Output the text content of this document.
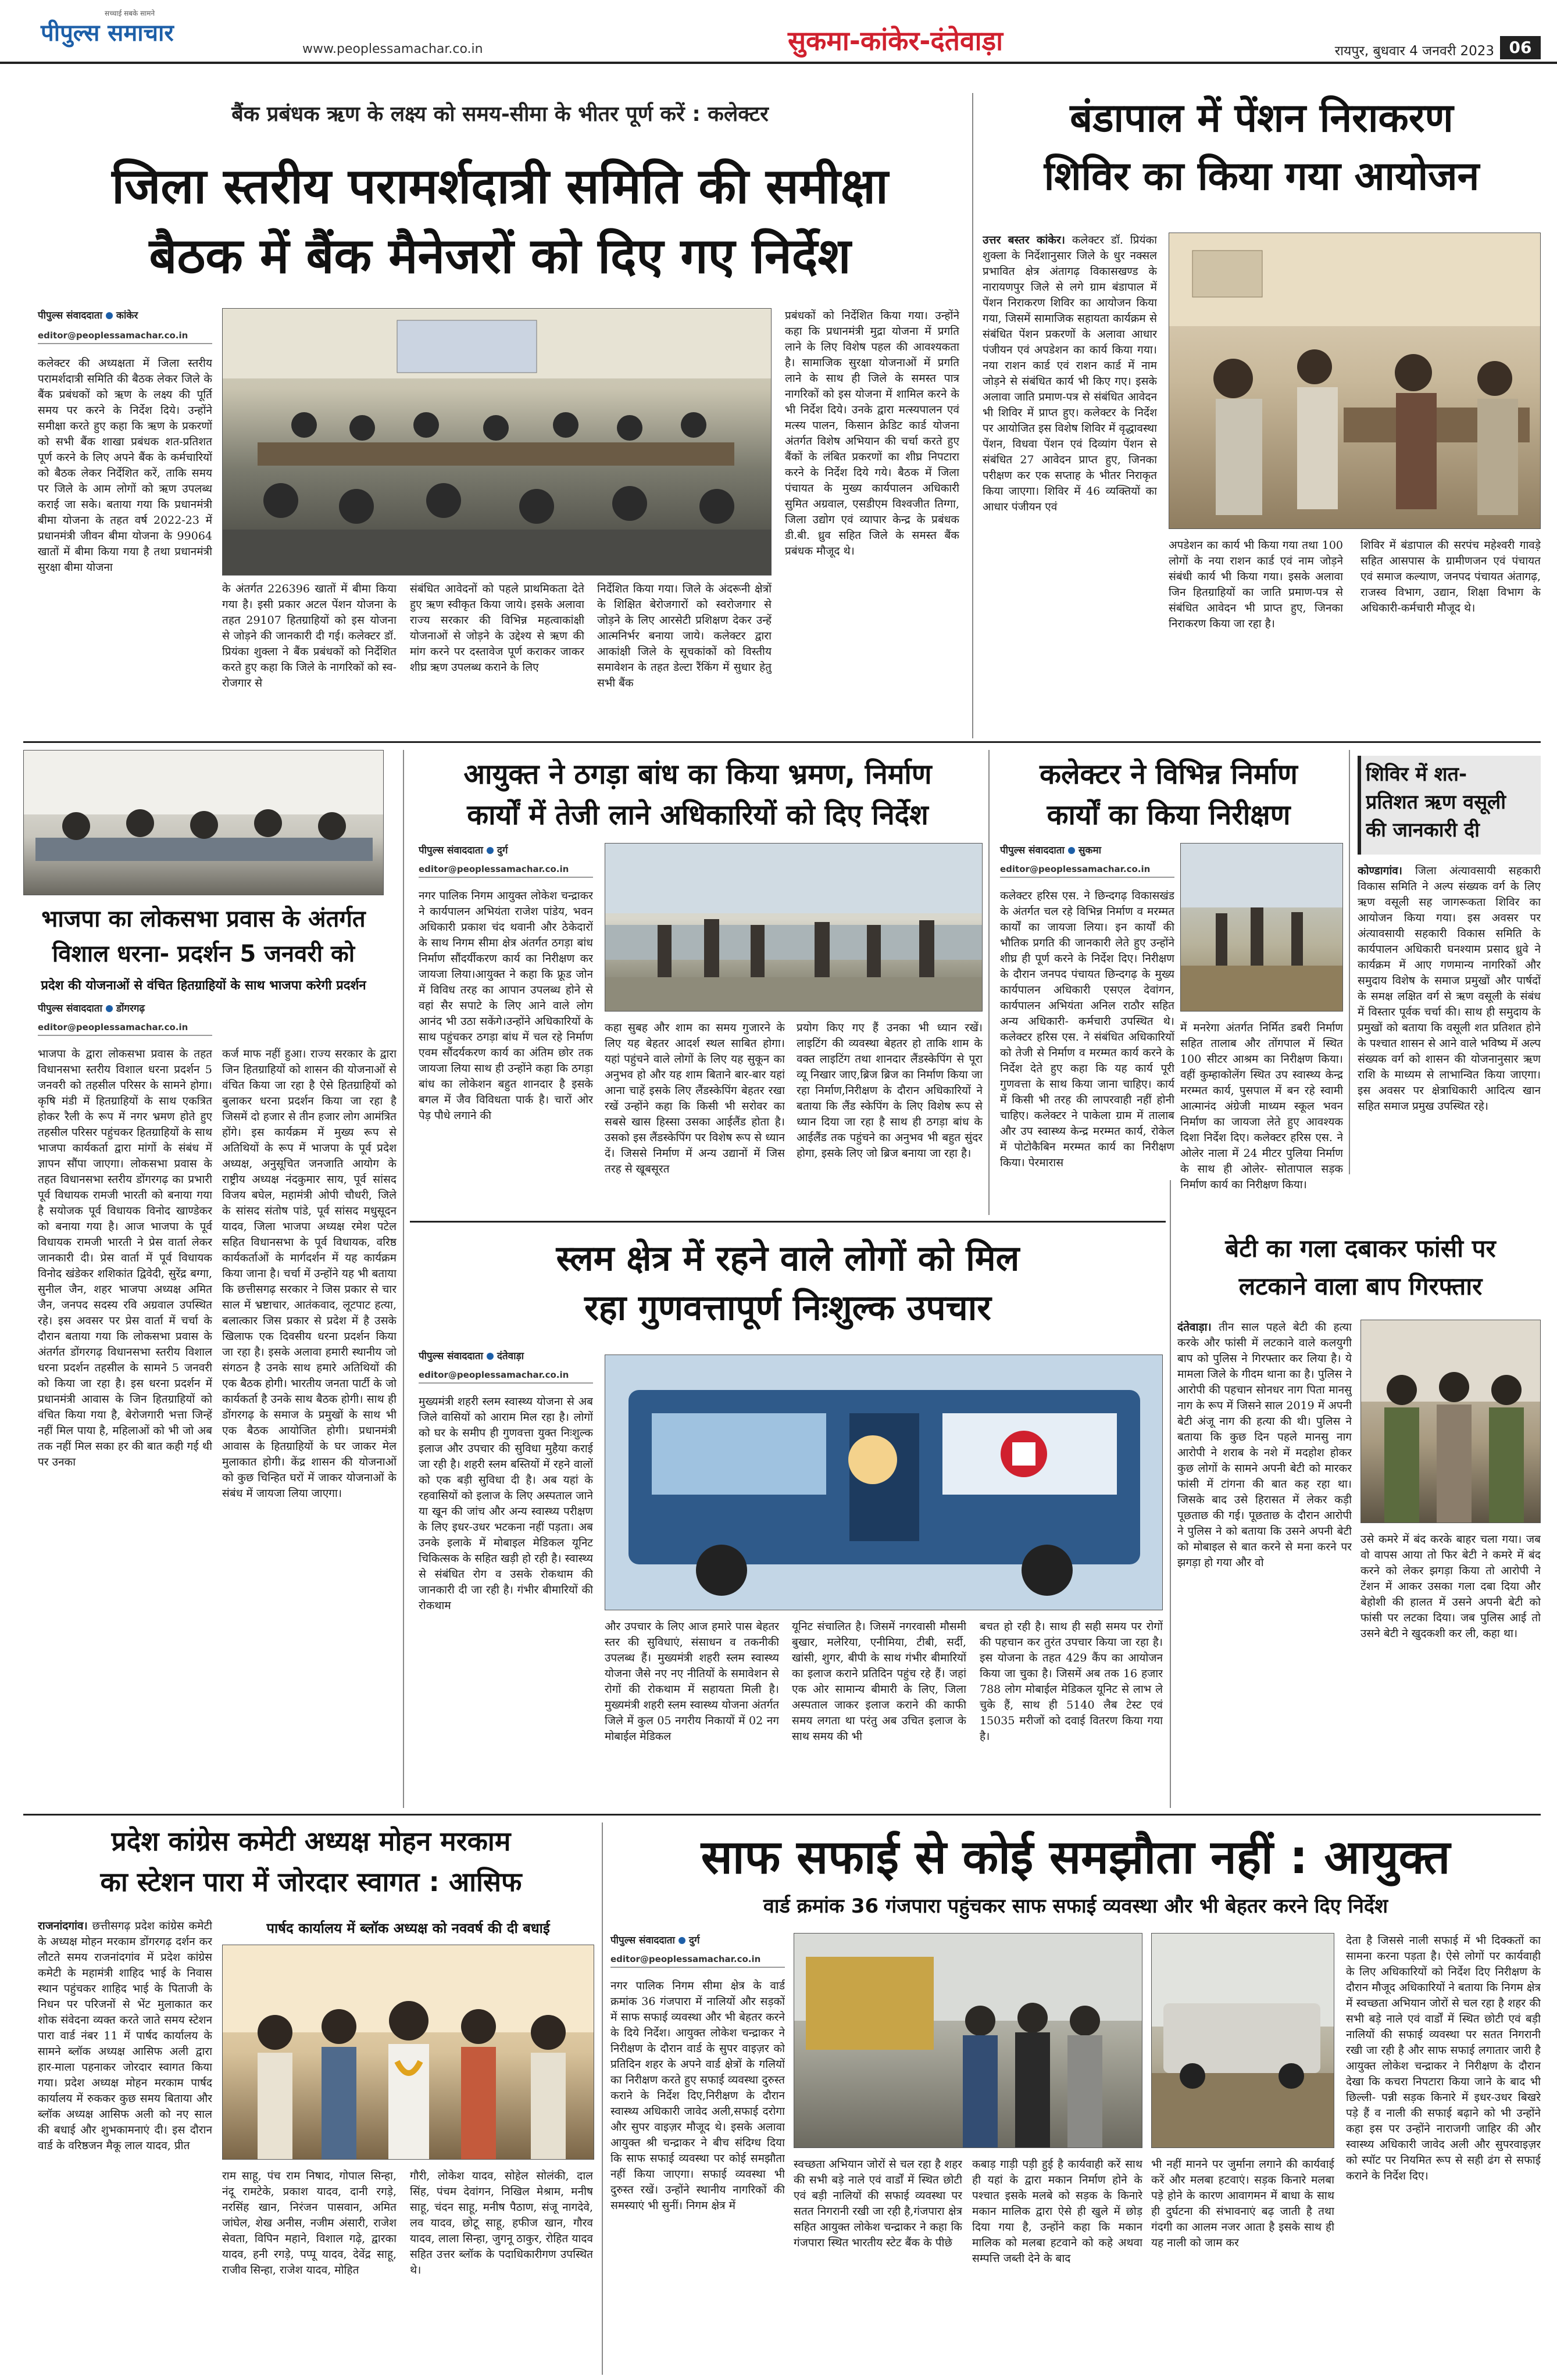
सच्चाई सबके सामने
पीपुल्स समाचार
www.peoplessamachar.co.in	सुकमा-कांकेर-दंतेवाड़ा	रायपुर, बुधवार 4 जनवरी 2023 06
बैंक प्रबंधक ऋण के लक्ष्य को समय-सीमा के भीतर पूर्ण करें : कलेक्टर
जिला स्तरीय परामर्शदात्री समिति की समीक्षा
बैठक में बैंक मैनेजरों को दिए गए निर्देश
पीपुल्स संवाददाता कांकेर
editor@peoplessamachar.co.in
कलेक्टर की अध्यक्षता में जिला स्तरीय परामर्शदात्री समिति की बैठक लेकर जिले के बैंक प्रबंधकों को ऋण के लक्ष्य की पूर्ति समय पर करने के निर्देश दिये। उन्होंने समीक्षा करते हुए कहा कि ऋण के प्रकरणों को सभी बैंक शाखा प्रबंधक शत-प्रतिशत पूर्ण करने के लिए अपने बैंक के कर्मचारियों को बैठक लेकर निर्देशित करें, ताकि समय पर जिले के आम लोगों को ऋण उपलब्ध कराई जा सके। बताया गया कि प्रधानमंत्री बीमा योजना के तहत वर्ष 2022-23 में प्रधानमंत्री जीवन बीमा योजना के 99064 खातों में बीमा किया गया है तथा प्रधानमंत्री सुरक्षा बीमा योजना
के अंतर्गत 226396 खातों में बीमा किया गया है। इसी प्रकार अटल पेंशन योजना के तहत 29107 हितग्राहियों को इस योजना से जोड़ने की जानकारी दी गई। कलेक्टर डॉ. प्रियंका शुक्ला ने बैंक प्रबंधकों को निर्देशित करते हुए कहा कि जिले के नागरिकों को स्व-रोजगार से
संबंधित आवेदनों को पहले प्राथमिकता देते हुए ऋण स्वीकृत किया जाये। इसके अलावा राज्य सरकार की विभिन्न महत्वाकांक्षी योजनाओं से जोड़ने के उद्देश्य से ऋण की मांग करने पर दस्तावेज पूर्ण कराकर जाकर शीघ्र ऋण उपलब्ध कराने के लिए
निर्देशित किया गया। जिले के अंदरूनी क्षेत्रों के शिक्षित बेरोजगारों को स्वरोजगार से जोड़ने के लिए आरसेटी प्रशिक्षण देकर उन्हें आत्मनिर्भर बनाया जाये। कलेक्टर द्वारा आकांक्षी जिले के सूचकांकों को विस्तीय समावेशन के तहत डेल्टा रैंकिंग में सुधार हेतु सभी बैंक
प्रबंधकों को निर्देशित किया गया। उन्होंने कहा कि प्रधानमंत्री मुद्रा योजना में प्रगति लाने के लिए विशेष पहल की आवश्यकता है। सामाजिक सुरक्षा योजनाओं में प्रगति लाने के साथ ही जिले के समस्त पात्र नागरिकों को इस योजना में शामिल करने के भी निर्देश दिये। उनके द्वारा मत्स्यपालन एवं मत्स्य पालन, किसान क्रेडिट कार्ड योजना अंतर्गत विशेष अभियान की चर्चा करते हुए बैंकों के लंबित प्रकरणों का शीघ्र निपटारा करने के निर्देश दिये गये। बैठक में जिला पंचायत के मुख्य कार्यपालन अधिकारी सुमित अग्रवाल, एसडीएम विश्वजीत तिग्गा, जिला उद्योग एवं व्यापार केन्द्र के प्रबंधक डी.बी. ध्रुव सहित जिले के समस्त बैंक प्रबंधक मौजूद थे।
बंडापाल में पेंशन निराकरण
शिविर का किया गया आयोजन
उत्तर बस्तर कांकेर। कलेक्टर डॉ. प्रियंका शुक्ला के निर्देशानुसार जिले के धुर नक्सल प्रभावित क्षेत्र अंतागढ़ विकासखण्ड के नारायणपुर जिले से लगे ग्राम बंडापाल में पेंशन निराकरण शिविर का आयोजन किया गया, जिसमें सामाजिक सहायता कार्यक्रम से संबंधित पेंशन प्रकरणों के अलावा आधार पंजीयन एवं अपडेशन का कार्य किया गया। नया राशन कार्ड एवं राशन कार्ड में नाम जोड़ने से संबंधित कार्य भी किए गए। इसके अलावा जाति प्रमाण-पत्र से संबंधित आवेदन भी शिविर में प्राप्त हुए। कलेक्टर के निर्देश पर आयोजित इस विशेष शिविर में वृद्धावस्था पेंशन, विधवा पेंशन एवं दिव्यांग पेंशन से संबंधित 27 आवेदन प्राप्त हुए, जिनका परीक्षण कर एक सप्ताह के भीतर निराकृत किया जाएगा। शिविर में 46 व्यक्तियों का आधार पंजीयन एवं
अपडेशन का कार्य भी किया गया तथा 100 लोगों के नया राशन कार्ड एवं नाम जोड़ने संबंधी कार्य भी किया गया। इसके अलावा जिन हितग्राहियों का जाति प्रमाण-पत्र से संबंधित आवेदन भी प्राप्त हुए, जिनका निराकरण किया जा रहा है।
शिविर में बंडापाल की सरपंच महेश्वरी गावड़े सहित आसपास के ग्रामीणजन एवं पंचायत एवं समाज कल्याण, जनपद पंचायत अंतागढ़, राजस्व विभाग, उद्यान, शिक्षा विभाग के अधिकारी-कर्मचारी मौजूद थे।
भाजपा का लोकसभा प्रवास के अंतर्गत
विशाल धरना- प्रदर्शन 5 जनवरी को
प्रदेश की योजनाओं से वंचित हितग्राहियों के साथ भाजपा करेगी प्रदर्शन
पीपुल्स संवाददाता डोंगरगढ़
editor@peoplessamachar.co.in
भाजपा के द्वारा लोकसभा प्रवास के तहत विधानसभा स्तरीय विशाल धरना प्रदर्शन 5 जनवरी को तहसील परिसर के सामने होगा। कृषि मंडी में हितग्राहियों के साथ एकत्रित होकर रैली के रूप में नगर भ्रमण होते हुए तहसील परिसर पहुंचकर हितग्राहियों के साथ भाजपा कार्यकर्ता द्वारा मांगों के संबंध में ज्ञापन सौंपा जाएगा। लोकसभा प्रवास के तहत विधानसभा स्तरीय डोंगरगढ़ का प्रभारी पूर्व विधायक रामजी भारती को बनाया गया है सयोजक पूर्व विधायक विनोद खाण्डेकर को बनाया गया है। आज भाजपा के पूर्व विधायक रामजी भारती ने प्रेस वार्ता लेकर जानकारी दी। प्रेस वार्ता में पूर्व विधायक विनोद खंडेकर शशिकांत द्विवेदी, सुरेंद्र बग्गा, सुनील जैन, शहर भाजपा अध्यक्ष अमित जैन, जनपद सदस्य रवि अग्रवाल उपस्थित रहे। इस अवसर पर प्रेस वार्ता में चर्चा के दौरान बताया गया कि लोकसभा प्रवास के अंतर्गत डोंगरगढ़ विधानसभा स्तरीय विशाल धरना प्रदर्शन तहसील के सामने 5 जनवरी को किया जा रहा है। इस धरना प्रदर्शन में प्रधानमंत्री आवास के जिन हितग्राहियों को वंचित किया गया है, बेरोजगारी भत्ता जिन्हें नहीं मिल पाया है, महिलाओं को भी जो अब तक नहीं मिल सका हर की बात कही गई थी पर उनका
कर्ज माफ नहीं हुआ। राज्य सरकार के द्वारा जिन हितग्राहियों को शासन की योजनाओं से वंचित किया जा रहा है ऐसे हितग्राहियों को बुलाकर धरना प्रदर्शन किया जा रहा है जिसमें दो हजार से तीन हजार लोग आमंत्रित होंगे। इस कार्यक्रम में मुख्य रूप से अतिथियों के रूप में भाजपा के पूर्व प्रदेश अध्यक्ष, अनुसूचित जनजाति आयोग के राष्ट्रीय अध्यक्ष नंदकुमार साय, पूर्व सांसद विजय बघेल, महामंत्री ओपी चौधरी, जिले के सांसद संतोष पांडे, पूर्व सांसद मधुसूदन यादव, जिला भाजपा अध्यक्ष रमेश पटेल सहित विधानसभा के पूर्व विधायक, वरिष्ठ कार्यकर्ताओं के मार्गदर्शन में यह कार्यक्रम किया जाना है। चर्चा में उन्होंने यह भी बताया कि छत्तीसगढ़ सरकार ने जिस प्रकार से चार साल में भ्रष्टाचार, आतंकवाद, लूटपाट हत्या, बलात्कार जिस प्रकार से प्रदेश में है उसके खिलाफ एक दिवसीय धरना प्रदर्शन किया जा रहा है। इसके अलावा हमारी स्थानीय जो संगठन है उनके साथ हमारे अतिथियों की एक बैठक होगी। भारतीय जनता पार्टी के जो कार्यकर्ता है उनके साथ बैठक होगी। साथ ही डोंगरगढ़ के समाज के प्रमुखों के साथ भी एक बैठक आयोजित होगी। प्रधानमंत्री आवास के हितग्राहियों के घर जाकर मेल मुलाकात होगी। केंद्र शासन की योजनाओं को कुछ चिन्हित घरों में जाकर योजनाओं के संबंध में जायजा लिया जाएगा।
आयुक्त ने ठगड़ा बांध का किया भ्रमण, निर्माण
कार्यों में तेजी लाने अधिकारियों को दिए निर्देश
पीपुल्स संवाददाता दुर्ग
editor@peoplessamachar.co.in
नगर पालिक निगम आयुक्त लोकेश चन्द्राकर ने कार्यपालन अभियंता राजेश पांडेय, भवन अधिकारी प्रकाश चंद थवानी और ठेकेदारों के साथ निगम सीमा क्षेत्र अंतर्गत ठगड़ा बांध निर्माण सौंदर्यीकरण कार्य का निरीक्षण कर जायजा लिया।आयुक्त ने कहा कि फ्रूड जोन में विविध तरह का आपान उपलब्ध होने से वहां सैर सपाटे के लिए आने वाले लोग आनंद भी उठा सकेंगे।उन्होंने अधिकारियों के साथ पहुंचकर ठगड़ा बांध में चल रहे निर्माण एवम सौंदर्यकरण कार्य का अंतिम छोर तक जायजा लिया साथ ही उन्होंने कहा कि ठगड़ा बांध का लोकेशन बहुत शानदार है इसके बगल में जैव विविधता पार्क है। चारों ओर पेड़ पौधे लगाने की
कहा सुबह और शाम का समय गुजारने के लिए यह बेहतर आदर्श स्थल साबित होगा। यहां पहुंचने वाले लोगों के लिए यह सुकून का अनुभव हो और यह शाम बिताने बार-बार यहां आना चाहें इसके लिए लैंडस्केपिंग बेहतर रखा रखें उन्होंने कहा कि किसी भी सरोवर का सबसे खास हिस्सा उसका आईलैंड होता है। उसको इस लैंडस्केपिंग पर विशेष रूप से ध्यान दें। जिससे निर्माण में अन्य उद्यानों में जिस तरह से खूबसूरत
प्रयोग किए गए हैं उनका भी ध्यान रखें। लाइटिंग की व्यवस्था बेहतर हो ताकि शाम के वक्त लाइटिंग तथा शानदार लैंडस्केपिंग से पूरा व्यू निखार जाए,ब्रिज ब्रिज का निर्माण किया जा रहा निर्माण,निरीक्षण के दौरान अधिकारियों ने बताया कि लैंड स्केपिंग के लिए विशेष रूप से ध्यान दिया जा रहा है साथ ही ठगड़ा बांध के आईलैंड तक पहुंचने का अनुभव भी बहुत सुंदर होगा, इसके लिए जो ब्रिज बनाया जा रहा है।
कलेक्टर ने विभिन्न निर्माण
कार्यों का किया निरीक्षण
पीपुल्स संवाददाता सुकमा
editor@peoplessamachar.co.in
कलेक्टर हरिस एस. ने छिन्दगढ़ विकासखंड के अंतर्गत चल रहे विभिन्न निर्माण व मरम्मत कार्यों का जायजा लिया। इन कार्यों की भौतिक प्रगति की जानकारी लेते हुए उन्होंने शीघ्र ही पूर्ण करने के निर्देश दिए। निरीक्षण के दौरान जनपद पंचायत छिन्दगढ़ के मुख्य कार्यपालन अधिकारी एसएल देवांगन, कार्यपालन अभियंता अनिल राठौर सहित अन्य अधिकारी- कर्मचारी उपस्थित थे। कलेक्टर हरिस एस. ने संबंधित अधिकारियों को तेजी से निर्माण व मरम्मत कार्य करने के निर्देश देते हुए कहा कि यह कार्य पूरी गुणवत्ता के साथ किया जाना चाहिए। कार्य में किसी भी तरह की लापरवाही नहीं होनी चाहिए। कलेक्टर ने पाकेला ग्राम में तालाब और उप स्वास्थ्य केन्द्र मरम्मत कार्य, रोकेल में पोटोकैबिन मरम्मत कार्य का निरीक्षण किया। पेरमारास
में मनरेगा अंतर्गत निर्मित डबरी निर्माण सहित तालाब और तोंगपाल में स्थित 100 सीटर आश्रम का निरीक्षण किया। वहीं कुम्हाकोलेंग स्थित उप स्वास्थ्य केन्द्र मरम्मत कार्य, पुसपाल में बन रहे स्वामी आत्मानंद अंग्रेजी माध्यम स्कूल भवन निर्माण का जायजा लेते हुए आवश्यक दिशा निर्देश दिए। कलेक्टर हरिस एस. ने ओलेर नाला में 24 मीटर पुलिया निर्माण के साथ ही ओलेर- सोतापाल सड़क निर्माण कार्य का निरीक्षण किया।
शिविर में शत-
प्रतिशत ऋण वसूली
की जानकारी दी
कोण्डागांव। जिला अंत्यावसायी सहकारी विकास समिति ने अल्प संख्यक वर्ग के लिए ऋण वसूली सह जागरूकता शिविर का आयोजन किया गया। इस अवसर पर अंत्यावसायी सहकारी विकास समिति के कार्यपालन अधिकारी घनश्याम प्रसाद ध्रुवे ने कार्यक्रम में आए गणमान्य नागरिकों और समुदाय विशेष के समाज प्रमुखों और पार्षदों के समक्ष लक्षित वर्ग से ऋण वसूली के संबंध में विस्तार पूर्वक चर्चा की। साथ ही समुदाय के प्रमुखों को बताया कि वसूली शत प्रतिशत होने के पश्चात शासन से आने वाले भविष्य में अल्प संख्यक वर्ग को शासन की योजनानुसार ऋण राशि के माध्यम से लाभान्वित किया जाएगा। इस अवसर पर क्षेत्राधिकारी आदित्य खान सहित समाज प्रमुख उपस्थित रहे।
स्लम क्षेत्र में रहने वाले लोगों को मिल
रहा गुणवत्तापूर्ण निःशुल्क उपचार
पीपुल्स संवाददाता दंतेवाड़ा
editor@peoplessamachar.co.in
मुख्यमंत्री शहरी स्लम स्वास्थ्य योजना से अब जिले वासियों को आराम मिल रहा है। लोगों को घर के समीप ही गुणवत्ता युक्त निःशुल्क इलाज और उपचार की सुविधा मुहैया कराई जा रही है। शहरी स्लम बस्तियों में रहने वालों को एक बड़ी सुविधा दी है। अब यहां के रहवासियों को इलाज के लिए अस्पताल जाने या खून की जांच और अन्य स्वास्थ्य परीक्षण के लिए इधर-उधर भटकना नहीं पड़ता। अब उनके इलाके में मोबाइल मेडिकल यूनिट चिकित्सक के सहित खड़ी हो रही है। स्वास्थ्य से संबंधित रोग व उसके रोकथाम की जानकारी दी जा रही है। गंभीर बीमारियों की रोकथाम
और उपचार के लिए आज हमारे पास बेहतर स्तर की सुविधाएं, संसाधन व तकनीकी उपलब्ध हैं। मुख्यमंत्री शहरी स्लम स्वास्थ्य योजना जैसे नए नए नीतियों के समावेशन से रोगों की रोकथाम में सहायता मिली है। मुख्यमंत्री शहरी स्लम स्वास्थ्य योजना अंतर्गत जिले में कुल 05 नगरीय निकायों में 02 नग मोबाईल मेडिकल
यूनिट संचालित है। जिसमें नगरवासी मौसमी बुखार, मलेरिया, एनीमिया, टीबी, सर्दी, खांसी, शुगर, बीपी के साथ गंभीर बीमारियों का इलाज कराने प्रतिदिन पहुंच रहे हैं। जहां एक ओर सामान्य बीमारी के लिए, जिला अस्पताल जाकर इलाज कराने की काफी समय लगता था परंतु अब उचित इलाज के साथ समय की भी
बचत हो रही है। साथ ही सही समय पर रोगों की पहचान कर तुरंत उपचार किया जा रहा है। इस योजना के तहत 429 कैंप का आयोजन किया जा चुका है। जिसमें अब तक 16 हजार 788 लोग मोबाईल मेडिकल यूनिट से लाभ ले चुके हैं, साथ ही 5140 लैब टेस्ट एवं 15035 मरीजों को दवाई वितरण किया गया है।
बेटी का गला दबाकर फांसी पर
लटकाने वाला बाप गिरफ्तार
दंतेवाड़ा। तीन साल पहले बेटी की हत्या करके और फांसी में लटकाने वाले कलयुगी बाप को पुलिस ने गिरफ्तार कर लिया है। ये मामला जिले के गीदम थाना का है। पुलिस ने आरोपी की पहचान सोनधर नाग पिता मानसु नाग के रूप में जिसने साल 2019 में अपनी बेटी अंजू नाग की हत्या की थी। पुलिस ने बताया कि कुछ दिन पहले मानसु नाग आरोपी ने शराब के नशे में मदहोश होकर कुछ लोगों के सामने अपनी बेटी को मारकर फांसी में टांगना की बात कह रहा था। जिसके बाद उसे हिरासत में लेकर कड़ी पूछताछ की गई। पूछताछ के दौरान आरोपी ने पुलिस ने को बताया कि उसने अपनी बेटी को मोबाइल से बात करने से मना करने पर झगड़ा हो गया और वो
उसे कमरे में बंद करके बाहर चला गया। जब वो वापस आया तो फिर बेटी ने कमरे में बंद करने को लेकर झगड़ा किया तो आरोपी ने टेंशन में आकर उसका गला दबा दिया और बेहोशी की हालत में उसने अपनी बेटी को फांसी पर लटका दिया। जब पुलिस आई तो उसने बेटी ने खुदकशी कर ली, कहा था।
प्रदेश कांग्रेस कमेटी अध्यक्ष मोहन मरकाम
का स्टेशन पारा में जोरदार स्वागत : आसिफ
राजनांदगांव। छत्तीसगढ़ प्रदेश कांग्रेस कमेटी के अध्यक्ष मोहन मरकाम डोंगरगढ़ दर्शन कर लौटते समय राजनांदगांव में प्रदेश कांग्रेस कमेटी के महामंत्री शाहिद भाई के निवास स्थान पहुंचकर शाहिद भाई के पिताजी के निधन पर परिजनों से भेंट मुलाकात कर शोक संवेदना व्यक्त करते जाते समय स्टेशन पारा वार्ड नंबर 11 में पार्षद कार्यालय के सामने ब्लॉक अध्यक्ष आसिफ अली द्वारा हार-माला पहनाकर जोरदार स्वागत किया गया। प्रदेश अध्यक्ष मोहन मरकाम पार्षद कार्यालय में रुककर कुछ समय बिताया और ब्लॉक अध्यक्ष आसिफ अली को नए साल की बधाई और शुभकामनाएं दी। इस दौरान वार्ड के वरिष्ठजन मैकू लाल यादव, प्रीत
पार्षद कार्यालय में ब्लॉक अध्यक्ष को नववर्ष की दी बधाई
राम साहू, पंच राम निषाद, गोपाल सिन्हा, नंदू रामटेके, प्रकाश यादव, दानी रगड़े, नरसिंह खान, निरंजन पासवान, अमित जांघेल, शेख अनीस, नजीम अंसारी, राजेश सेवता, विपिन महाने, विशाल गढ़े, द्वारका यादव, हनी रगड़े, पप्पू यादव, देवेंद्र साहू, राजीव सिन्हा, राजेश यादव, मोहित
गौरी, लोकेश यादव, सोहेल सोलंकी, दाल सिंह, पंचम देवांगन, निखिल मेश्राम, मनीष साहू, चंदन साहू, मनीष पैठाण, संजू नागदेवे, लव यादव, छोटू साहू, हफीज खान, गौरव यादव, लाला सिन्हा, जुगनू ठाकुर, रोहित यादव सहित उत्तर ब्लॉक के पदाधिकारीगण उपस्थित थे।
साफ सफाई से कोई समझौता नहीं : आयुक्त
वार्ड क्रमांक 36 गंजपारा पहुंचकर साफ सफाई व्यवस्था और भी बेहतर करने दिए निर्देश
पीपुल्स संवाददाता दुर्ग
editor@peoplessamachar.co.in
नगर पालिक निगम सीमा क्षेत्र के वार्ड क्रमांक 36 गंजपारा में नालियों और सड़कों में साफ सफाई व्यवस्था और भी बेहतर करने के दिये निर्देश। आयुक्त लोकेश चन्द्राकर ने निरीक्षण के दौरान वार्ड के सुपर वाइज़र को प्रतिदिन शहर के अपने वार्ड क्षेत्रों के गलियों का निरीक्षण करते हुए सफाई व्यवस्था दुरुस्त कराने के निर्देश दिए,निरीक्षण के दौरान स्वास्थ्य अधिकारी जावेद अली,सफाई दरोगा और सुपर वाइज़र मौजूद थे। इसके अलावा आयुक्त श्री चन्द्राकर ने बीच संदिग्ध दिया कि साफ सफाई व्यवस्था पर कोई समझौता नहीं किया जाएगा। सफाई व्यवस्था भी दुरुस्त रखें। उन्होंने स्थानीय नागरिकों की समस्याएं भी सुनीं। निगम क्षेत्र में
स्वच्छता अभियान जोरों से चल रहा है शहर की सभी बड़े नाले एवं वार्डों में स्थित छोटी एवं बड़ी नालियों की सफाई व्यवस्था पर सतत निगरानी रखी जा रही है,गंजपारा क्षेत्र सहित आयुक्त लोकेश चन्द्राकर ने कहा कि गंजपारा स्थित भारतीय स्टेट बैंक के पीछे
कबाड़ गाड़ी पड़ी हुई है कार्यवाही करें साथ ही यहां के द्वारा मकान निर्माण होने के पश्चात इसके मलबे को सड़क के किनारे मकान मालिक द्वारा ऐसे ही खुले में छोड़ दिया गया है, उन्होंने कहा कि मकान मालिक को मलबा हटवाने को कहे अथवा सम्पत्ति जब्ती देने के बाद
भी नहीं मानने पर जुर्माना लगाने की कार्यवाई करें और मलबा हटवाएं। सड़क किनारे मलबा पड़े होने के कारण आवागमन में बाधा के साथ ही दुर्घटना की संभावनाएं बढ़ जाती है तथा गंदगी का आलम नजर आता है इसके साथ ही यह नाली को जाम कर
देता है जिससे नाली सफाई में भी दिक्कतों का सामना करना पड़ता है। ऐसे लोगों पर कार्यवाही के लिए अधिकारियों को निर्देश दिए निरीक्षण के दौरान मौजूद अधिकारियों ने बताया कि निगम क्षेत्र में स्वच्छता अभियान जोरों से चल रहा है शहर की सभी बड़े नाले एवं वार्डों में स्थित छोटी एवं बड़ी नालियों की सफाई व्यवस्था पर सतत निगरानी रखी जा रही है और साफ सफाई लगातार जारी है आयुक्त लोकेश चन्द्राकर ने निरीक्षण के दौरान देखा कि कचरा निपटारा किया जाने के बाद भी छिल्ली- पन्नी सड़क किनारे में इधर-उधर बिखरे पड़े हैं व नाली की सफाई बढ़ाने को भी उन्होंने कहा इस पर उन्होंने नाराजगी जाहिर की और स्वास्थ्य अधिकारी जावेद अली और सुपरवाइज़र को स्पॉट पर नियमित रूप से सही ढंग से सफाई कराने के निर्देश दिए।
